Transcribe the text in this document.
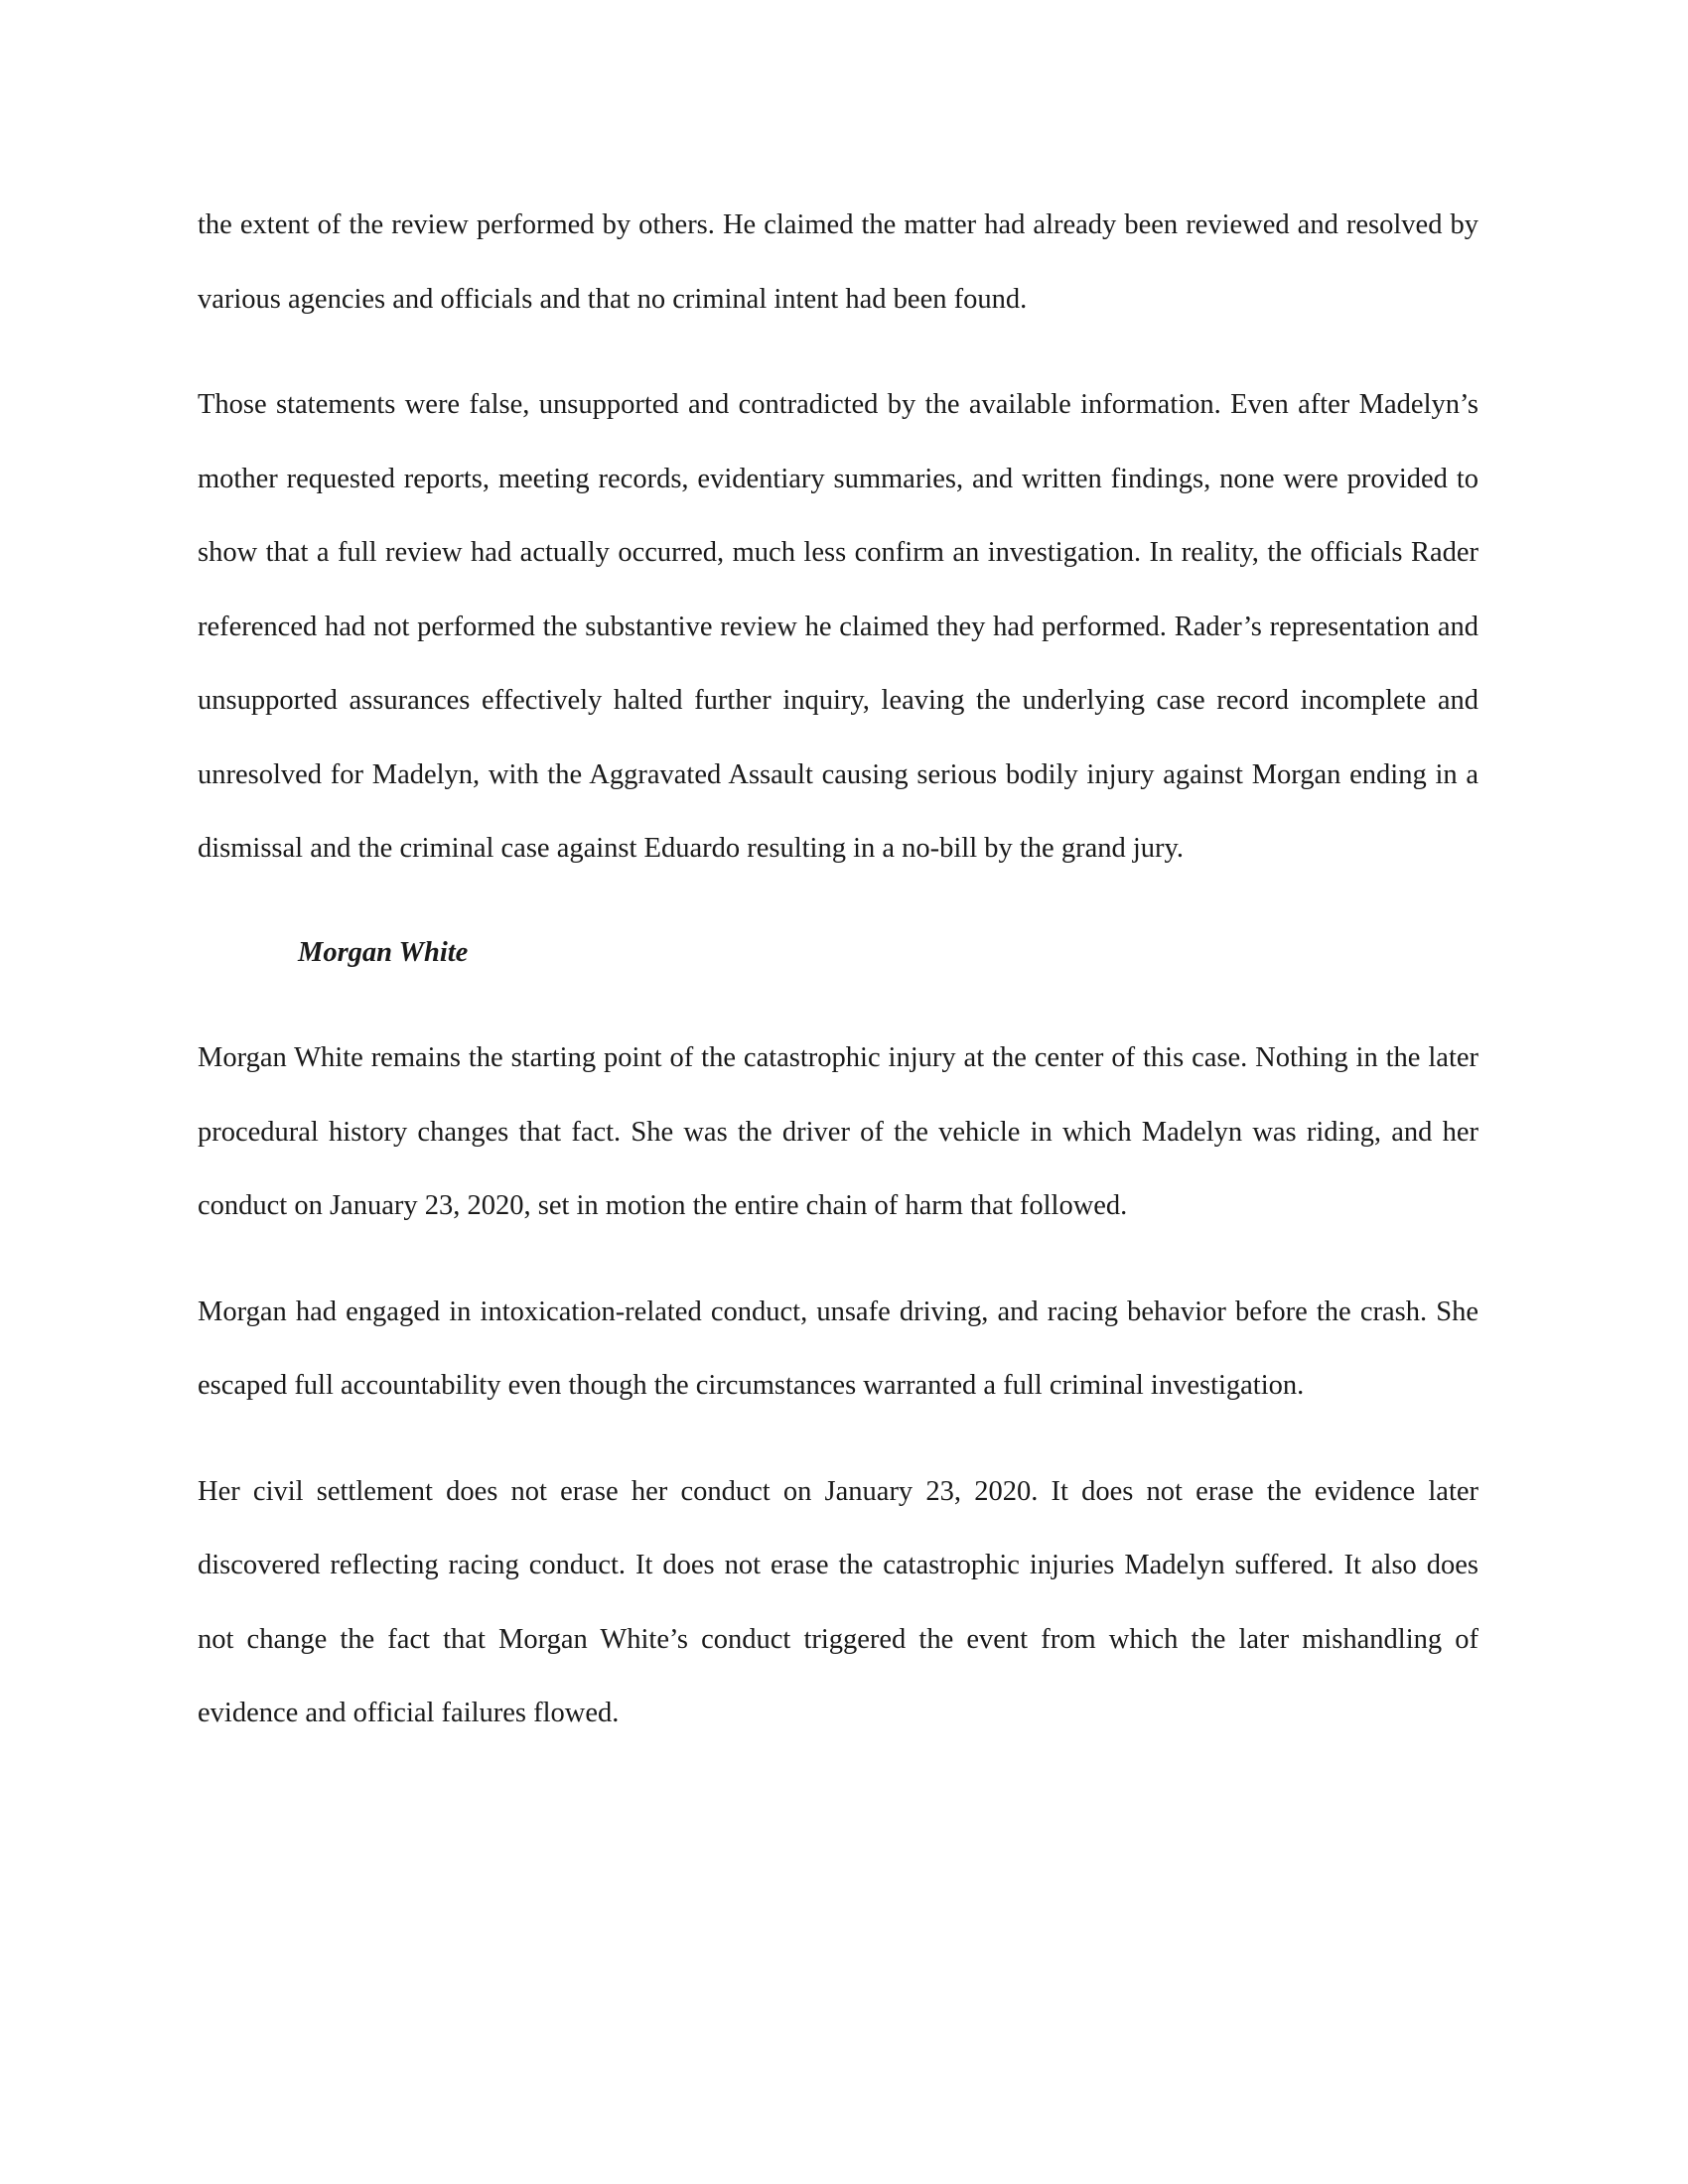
the extent of the review performed by others. He claimed the matter had already been reviewed and resolved by various agencies and officials and that no criminal intent had been found.

Those statements were false, unsupported and contradicted by the available information. Even after Madelyn’s mother requested reports, meeting records, evidentiary summaries, and written findings, none were provided to show that a full review had actually occurred, much less confirm an investigation. In reality, the officials Rader referenced had not performed the substantive review he claimed they had performed. Rader’s representation and unsupported assurances effectively halted further inquiry, leaving the underlying case record incomplete and unresolved for Madelyn, with the Aggravated Assault causing serious bodily injury against Morgan ending in a dismissal and the criminal case against Eduardo resulting in a no-bill by the grand jury.

Morgan White

Morgan White remains the starting point of the catastrophic injury at the center of this case. Nothing in the later procedural history changes that fact. She was the driver of the vehicle in which Madelyn was riding, and her conduct on January 23, 2020, set in motion the entire chain of harm that followed.

Morgan had engaged in intoxication-related conduct, unsafe driving, and racing behavior before the crash. She escaped full accountability even though the circumstances warranted a full criminal investigation.

Her civil settlement does not erase her conduct on January 23, 2020. It does not erase the evidence later discovered reflecting racing conduct. It does not erase the catastrophic injuries Madelyn suffered. It also does not change the fact that Morgan White’s conduct triggered the event from which the later mishandling of evidence and official failures flowed.
